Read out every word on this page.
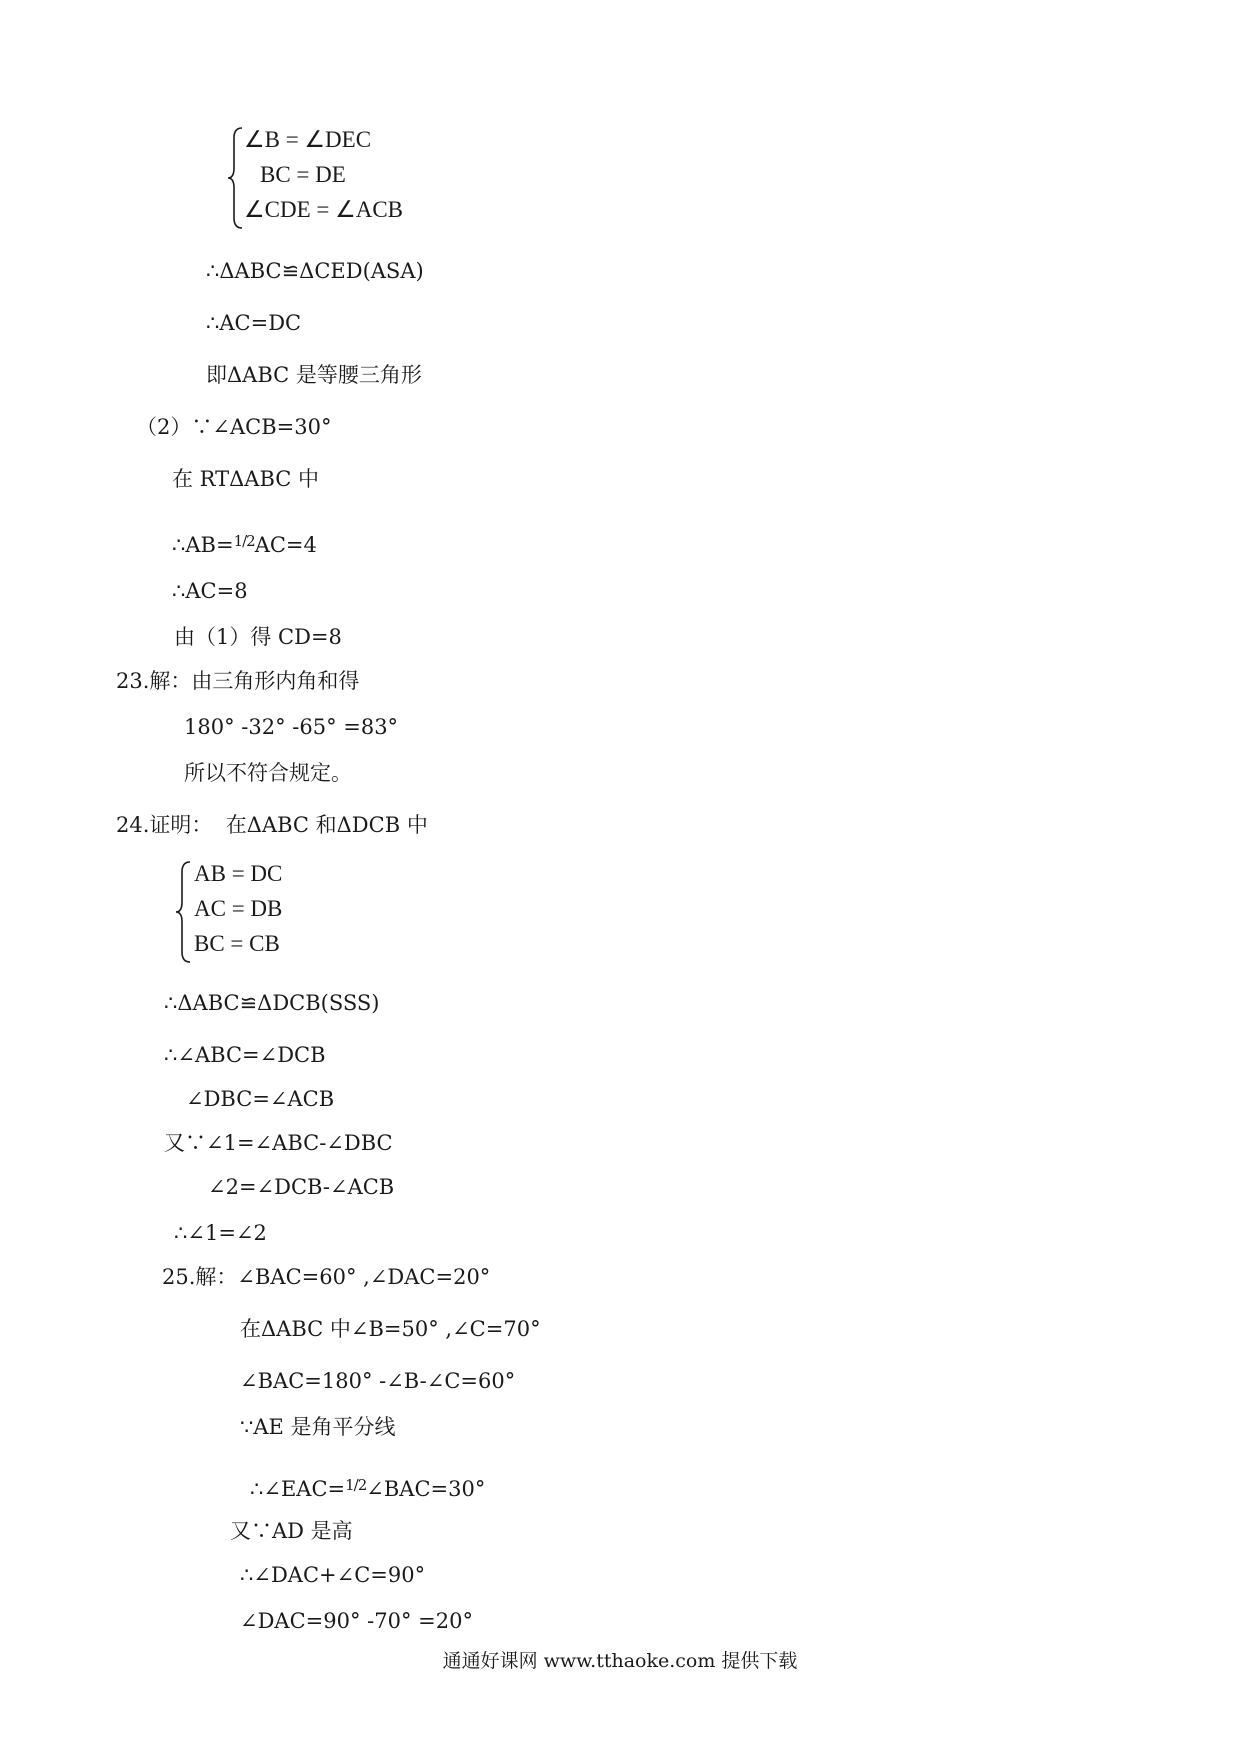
∠B = ∠DEC
BC = DE
∠CDE = ∠ACB
∴ΔABC≌ΔCED(ASA)
∴AC=DC
即ΔABC 是等腰三角形
（2）∵∠ACB=30°
在 RTΔABC 中
∴AB=1/2AC=4
∴AC=8
由（1）得 CD=8
23.解：由三角形内角和得
180° -32° -65° =83°
所以不符合规定。
24.证明：  在ΔABC 和ΔDCB 中
AB = DC
AC = DB
BC = CB
∴ΔABC≌ΔDCB(SSS)
∴∠ABC=∠DCB
∠DBC=∠ACB
又∵∠1=∠ABC-∠DBC
∠2=∠DCB-∠ACB
∴∠1=∠2
25.解：∠BAC=60° ,∠DAC=20°
在ΔABC 中∠B=50° ,∠C=70°
∠BAC=180° -∠B-∠C=60°
∵AE 是角平分线
∴∠EAC=1/2∠BAC=30°
又∵AD 是高
∴∠DAC+∠C=90°
∠DAC=90° -70° =20°
通通好课网 www.tthaoke.com 提供下载
